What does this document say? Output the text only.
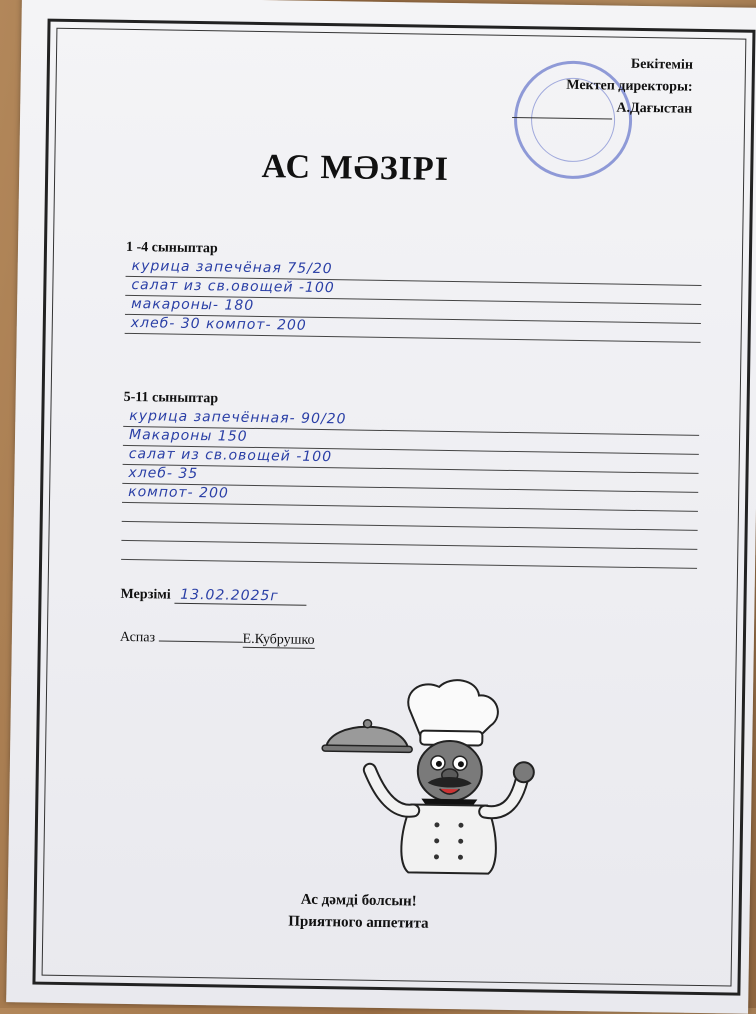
Бекітемін
Мектеп директоры:
А.Дағыстан
АС МӘЗІРІ
1 -4 сыныптар
курица запечёная 75/20
салат из св.овощей -100
макароны- 180
хлеб- 30 компот- 200
5-11 сыныптар
курица запечённая- 90/20
Макароны 150
салат из св.овощей -100
хлеб- 35
компот- 200
Мерзімі 13.02.2025г
Аспаз	Е.Кубрушко
Ас дәмді болсын!
Приятного аппетита
